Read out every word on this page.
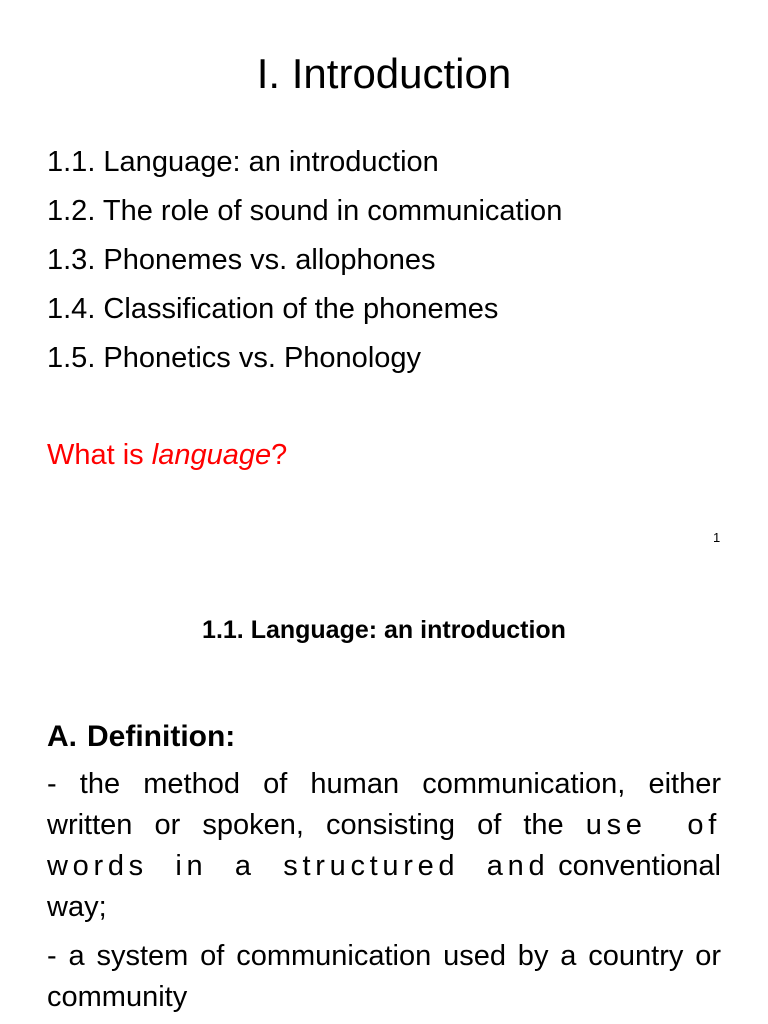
I. Introduction
1.1. Language: an introduction
1.2. The role of sound in communication
1.3. Phonemes vs. allophones
1.4. Classification of the phonemes
1.5. Phonetics vs. Phonology
What is language?
1
1.1. Language: an introduction
A. Definition:

- the method of human communication, either written or spoken, consisting of the use of words in a structured and conventional way;

- a system of communication used by a country or community
